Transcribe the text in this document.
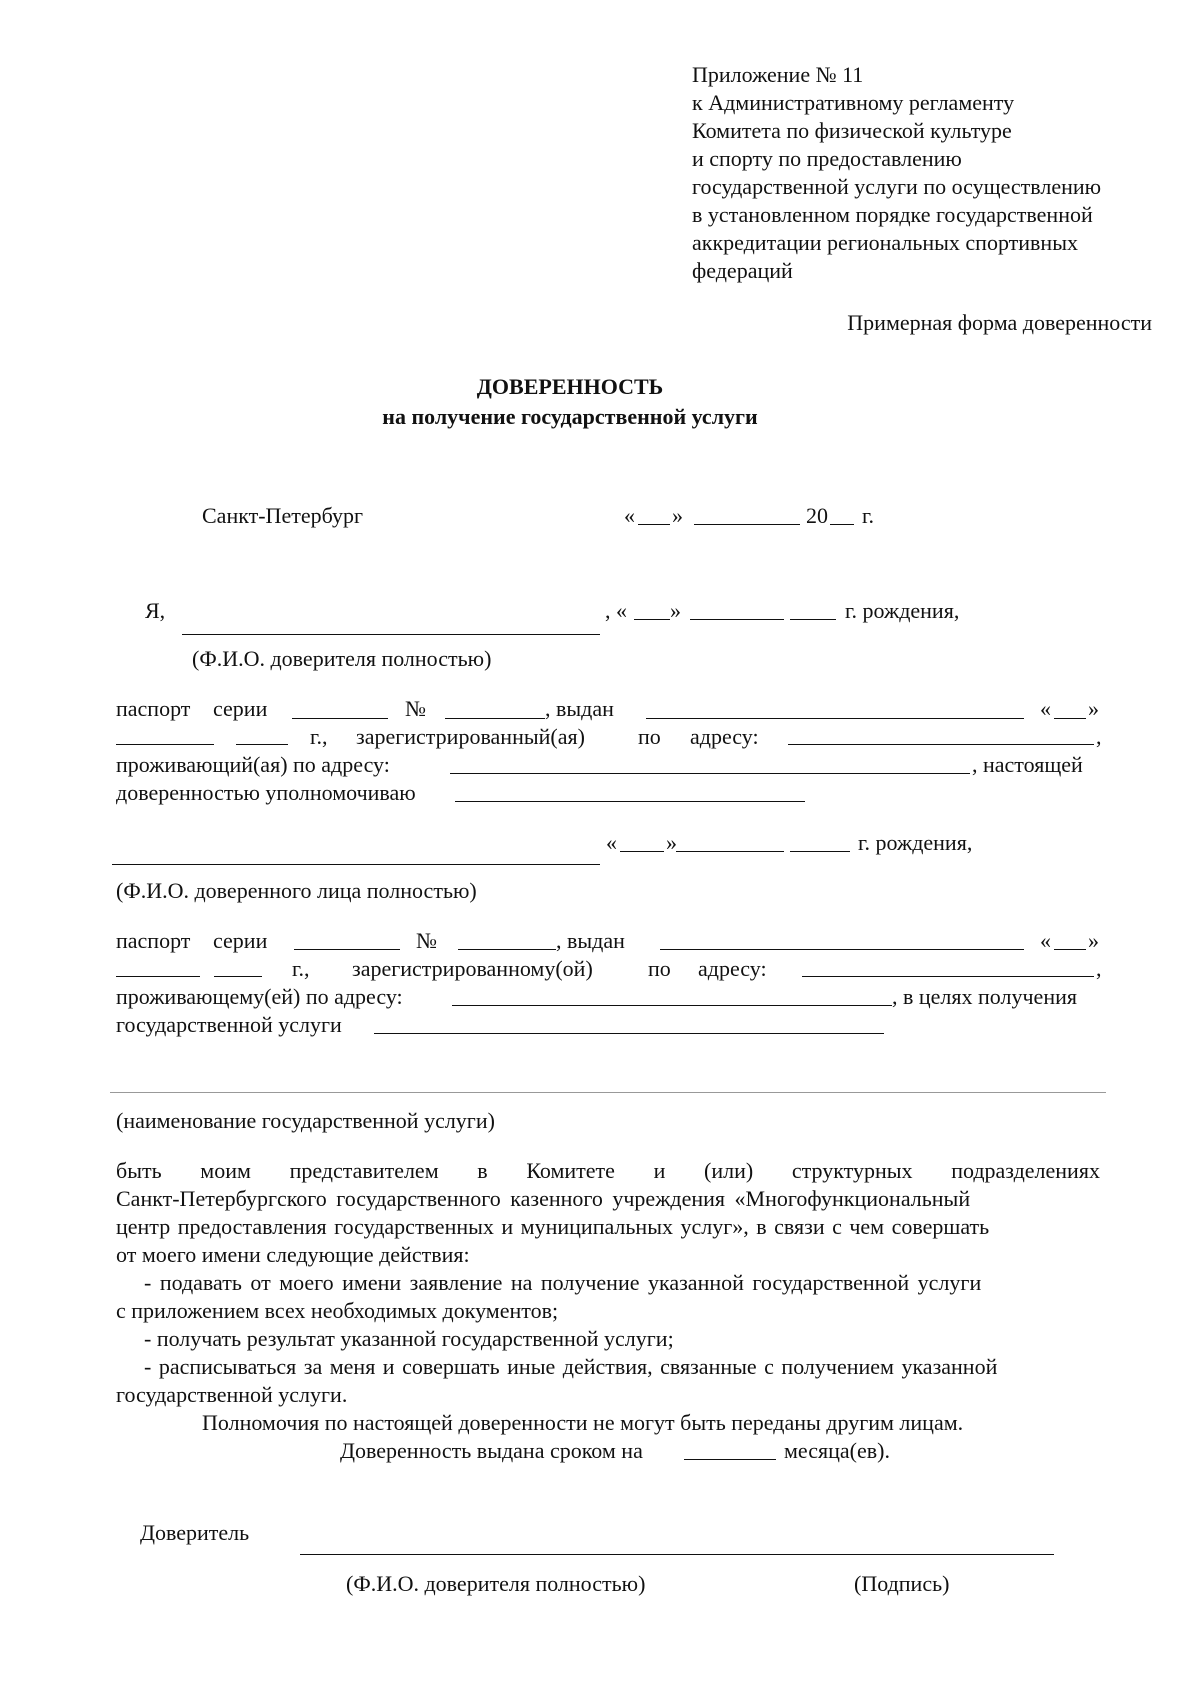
Приложение № 11
к Административному регламенту
Комитета по физической культуре
и спорту по предоставлению
государственной услуги по осуществлению
в установленном порядке государственной
аккредитации региональных спортивных
федераций
Примерная форма доверенности
ДОВЕРЕННОСТЬ
на получение государственной услуги
Санкт-Петербург	« »	20 г.
Я,	, « »	г. рождения,
(Ф.И.О. доверителя полностью)
паспорт серии	№	, выдан	« »
г., зарегистрированный(ая) по адресу:	,
проживающий(ая) по адресу:	, настоящей
доверенностью уполномочиваю
« »	г. рождения,
(Ф.И.О. доверенного лица полностью)
паспорт серии	№	, выдан	« »
г., зарегистрированному(ой)	по адресу:	,
проживающему(ей) по адресу:	, в целях получения
государственной услуги
(наименование государственной услуги)
быть моим представителем в Комитете и (или) структурных подразделениях
Санкт-Петербургского государственного казенного учреждения «Многофункциональный
центр предоставления государственных и муниципальных услуг», в связи с чем совершать
от моего имени следующие действия:
- подавать от моего имени заявление на получение указанной государственной услуги
с приложением всех необходимых документов;
- получать результат указанной государственной услуги;
- расписываться за меня и совершать иные действия, связанные с получением указанной
государственной услуги.
Полномочия по настоящей доверенности не могут быть переданы другим лицам.
Доверенность выдана сроком на	месяца(ев).
Доверитель
(Ф.И.О. доверителя полностью)	(Подпись)
